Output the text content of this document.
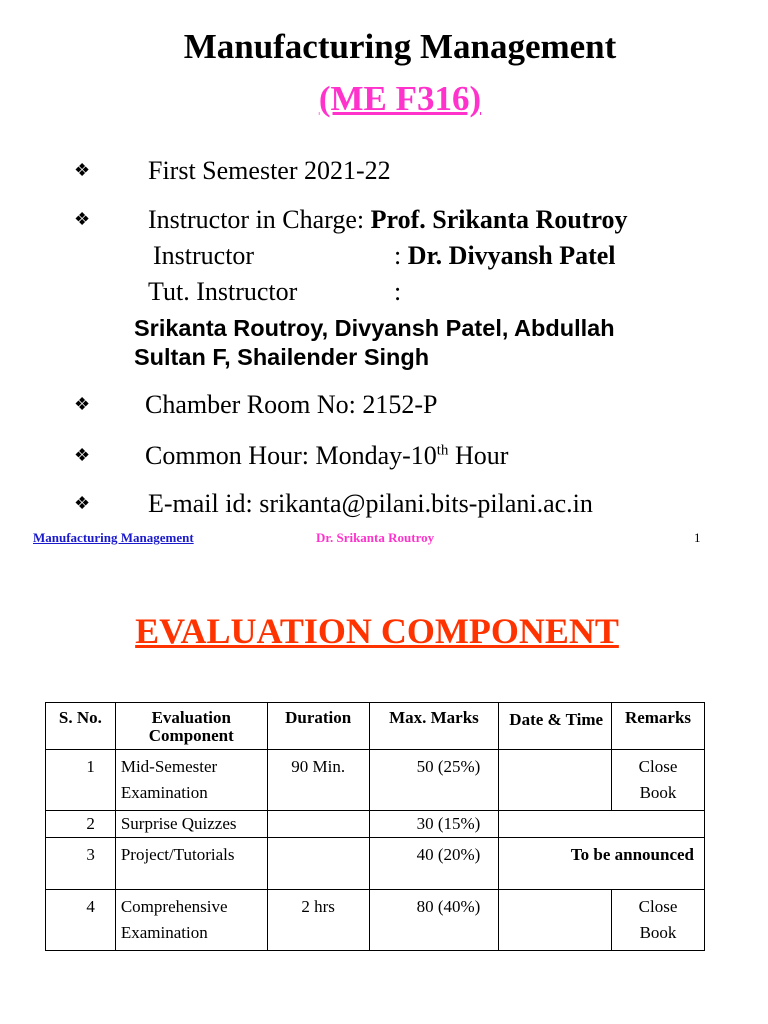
Manufacturing Management
(ME F316)
❖ First Semester 2021-22
❖ Instructor in Charge: Prof. Srikanta Routroy
Instructor	: Dr. Divyansh Patel
Tut. Instructor	:
Srikanta Routroy, Divyansh Patel, Abdullah
Sultan F, Shailender Singh
❖ Chamber Room No: 2152-P
❖ Common Hour: Monday-10th Hour
❖ E-mail id: srikanta@pilani.bits-pilani.ac.in
Manufacturing Management	Dr. Srikanta Routroy	1
EVALUATION COMPONENT
S. No.	Evaluation Component	Duration	Max. Marks	Date & Time	Remarks
1	Mid-Semester Examination	90 Min.	50 (25%)		Close Book
2	Surprise Quizzes		30 (15%)		
3	Project/Tutorials		40 (20%)	To be announced	
4	Comprehensive Examination	2 hrs	80 (40%)		Close Book
